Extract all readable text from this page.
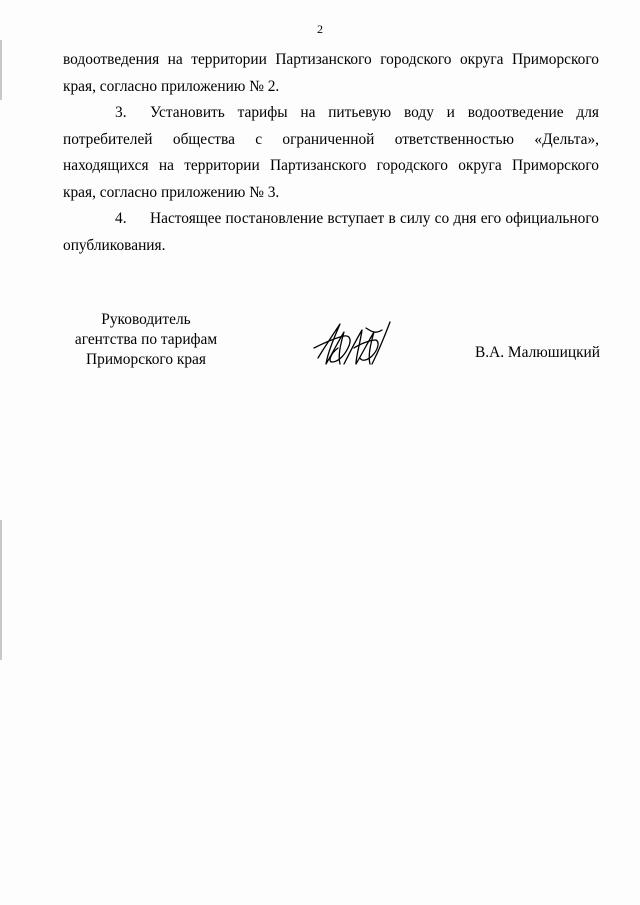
2
водоотведения на территории Партизанского городского округа Приморского
края, согласно приложению № 2.
3. Установить тарифы на питьевую воду и водоотведение для
потребителей общества с ограниченной ответственностью «Дельта»,
находящихся на территории Партизанского городского округа Приморского
края, согласно приложению № 3.
4. Настоящее постановление вступает в силу со дня его официального
опубликования.
Руководитель
агентства по тарифам
Приморского края	В.А. Малюшицкий
